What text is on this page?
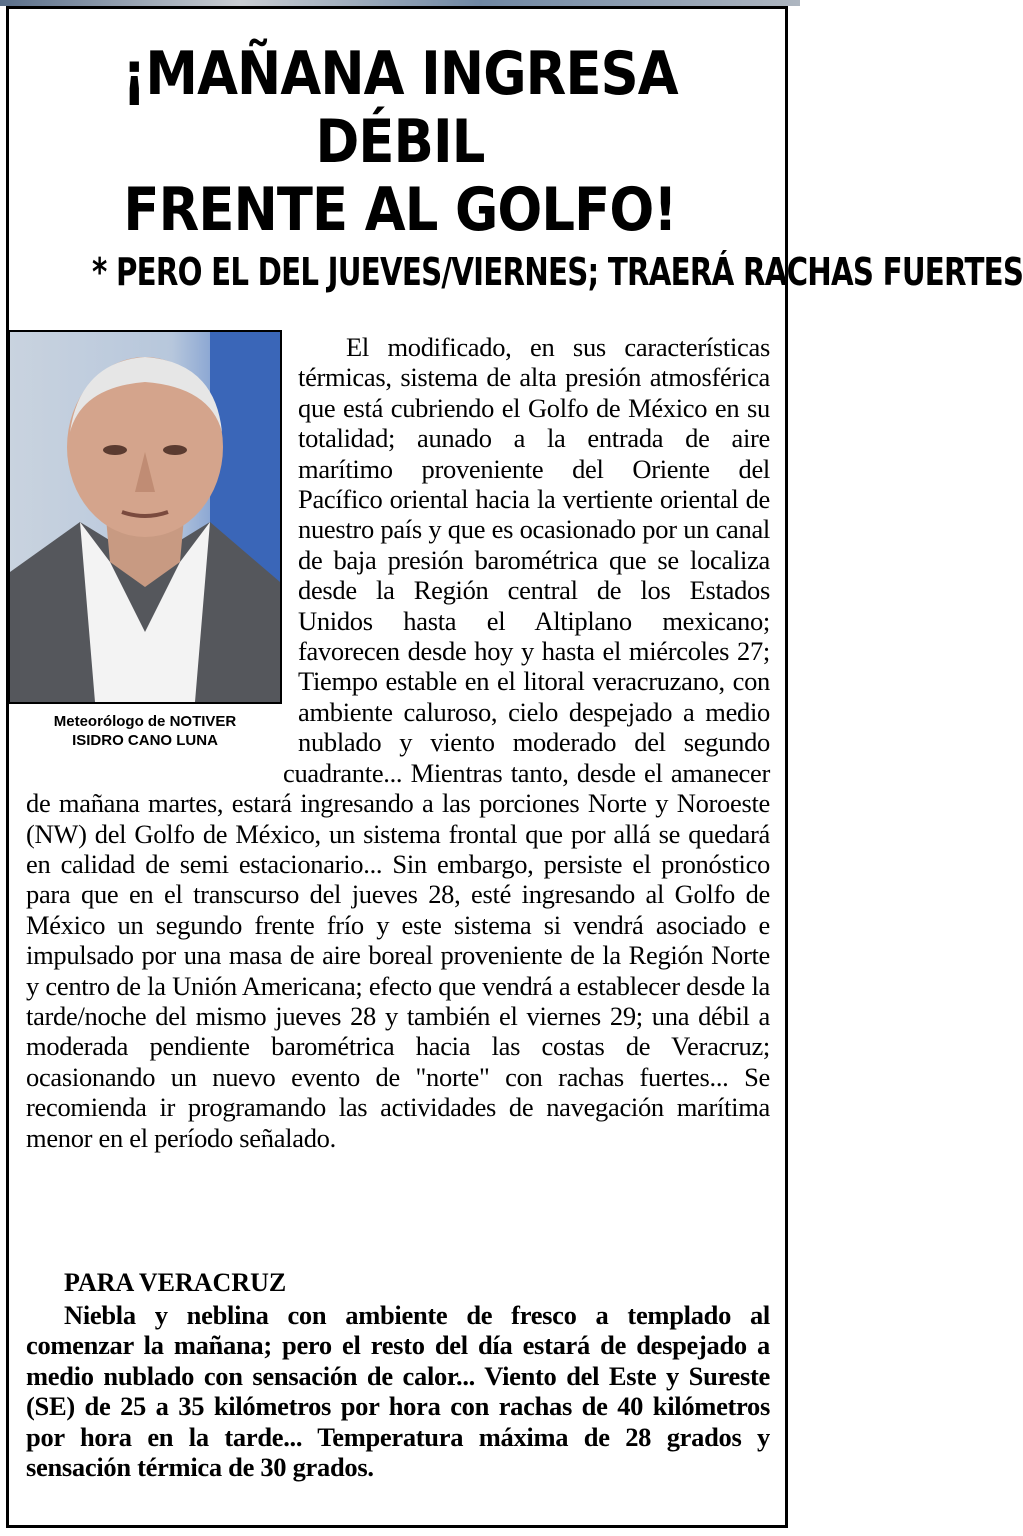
¡MAÑANA INGRESA DÉBIL
FRENTE AL GOLFO!
* PERO EL DEL JUEVES/VIERNES; TRAERÁ RACHAS FUERTES
Meteorólogo de NOTIVER
ISIDRO CANO LUNA

El modificado, en sus características térmicas, sistema de alta presión atmosférica que está cubriendo el Golfo de México en su totalidad; aunado a la entrada de aire marítimo proveniente del Oriente del Pacífico oriental hacia la vertiente oriental de nuestro país y que es ocasionado por un canal de baja presión barométrica que se localiza desde la Región central de los Estados Unidos hasta el Altiplano mexicano; favorecen desde hoy y hasta el miércoles 27; Tiempo estable en el litoral veracruzano, con ambiente caluroso, cielo despejado a medio nublado y viento moderado del segundo cuadrante... Mientras tanto, desde el amanecer de mañana martes, estará ingresando a las porciones Norte y Noroeste (NW) del Golfo de México, un sistema frontal que por allá se quedará en calidad de semi estacionario... Sin embargo, persiste el pronóstico para que en el transcurso del jueves 28, esté ingresando al Golfo de México un segundo frente frío y este sistema si vendrá asociado e impulsado por una masa de aire boreal proveniente de la Región Norte y centro de la Unión Americana; efecto que vendrá a establecer desde la tarde/noche del mismo jueves 28 y también el viernes 29; una débil a moderada pendiente barométrica hacia las costas de Veracruz; ocasionando un nuevo evento de "norte" con rachas fuertes... Se recomienda ir programando las actividades de navegación marítima menor en el período señalado.

PARA VERACRUZ

Niebla y neblina con ambiente de fresco a templado al comenzar la mañana; pero el resto del día estará de despejado a medio nublado con sensación de calor... Viento del Este y Sureste (SE) de 25 a 35 kilómetros por hora con rachas de 40 kilómetros por hora en la tarde... Temperatura máxima de 28 grados y sensación térmica de 30 grados.
